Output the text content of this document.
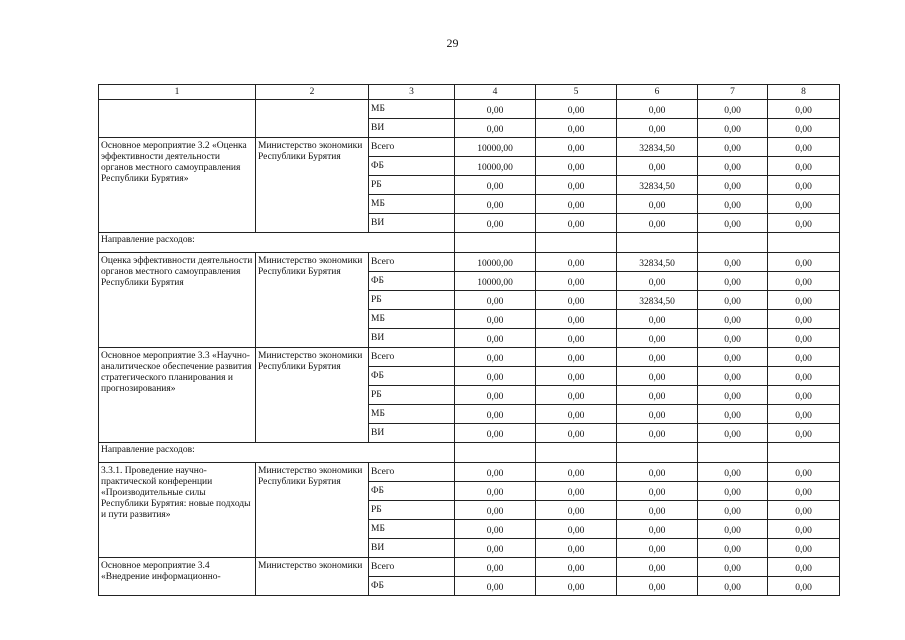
29
1	2	3	4	5	6	7	8
		МБ	0,00	0,00	0,00	0,00	0,00
		ВИ	0,00	0,00	0,00	0,00	0,00
Основное мероприятие 3.2 «Оценка эффективности деятельности органов местного самоуправления Республики Бурятия»	Министерство экономики Республики Бурятия	Всего	10000,00	0,00	32834,50	0,00	0,00
		ФБ	10000,00	0,00	0,00	0,00	0,00
		РБ	0,00	0,00	32834,50	0,00	0,00
		МБ	0,00	0,00	0,00	0,00	0,00
		ВИ	0,00	0,00	0,00	0,00	0,00
Направление расходов:							
Оценка эффективности деятельности органов местного самоуправления Республики Бурятия	Министерство экономики Республики Бурятия	Всего	10000,00	0,00	32834,50	0,00	0,00
		ФБ	10000,00	0,00	0,00	0,00	0,00
		РБ	0,00	0,00	32834,50	0,00	0,00
		МБ	0,00	0,00	0,00	0,00	0,00
		ВИ	0,00	0,00	0,00	0,00	0,00
Основное мероприятие 3.3 «Научно-аналитическое обеспечение развития стратегического планирования и прогнозирования»	Министерство экономики Республики Бурятия	Всего	0,00	0,00	0,00	0,00	0,00
		ФБ	0,00	0,00	0,00	0,00	0,00
		РБ	0,00	0,00	0,00	0,00	0,00
		МБ	0,00	0,00	0,00	0,00	0,00
		ВИ	0,00	0,00	0,00	0,00	0,00
Направление расходов:							
3.3.1. Проведение научно-практической конференции «Производительные силы Республики Бурятия: новые подходы и пути развития»	Министерство экономики Республики Бурятия	Всего	0,00	0,00	0,00	0,00	0,00
		ФБ	0,00	0,00	0,00	0,00	0,00
		РБ	0,00	0,00	0,00	0,00	0,00
		МБ	0,00	0,00	0,00	0,00	0,00
		ВИ	0,00	0,00	0,00	0,00	0,00
Основное мероприятие 3.4 «Внедрение информационно-	Министерство экономики	Всего	0,00	0,00	0,00	0,00	0,00
		ФБ	0,00	0,00	0,00	0,00	0,00
